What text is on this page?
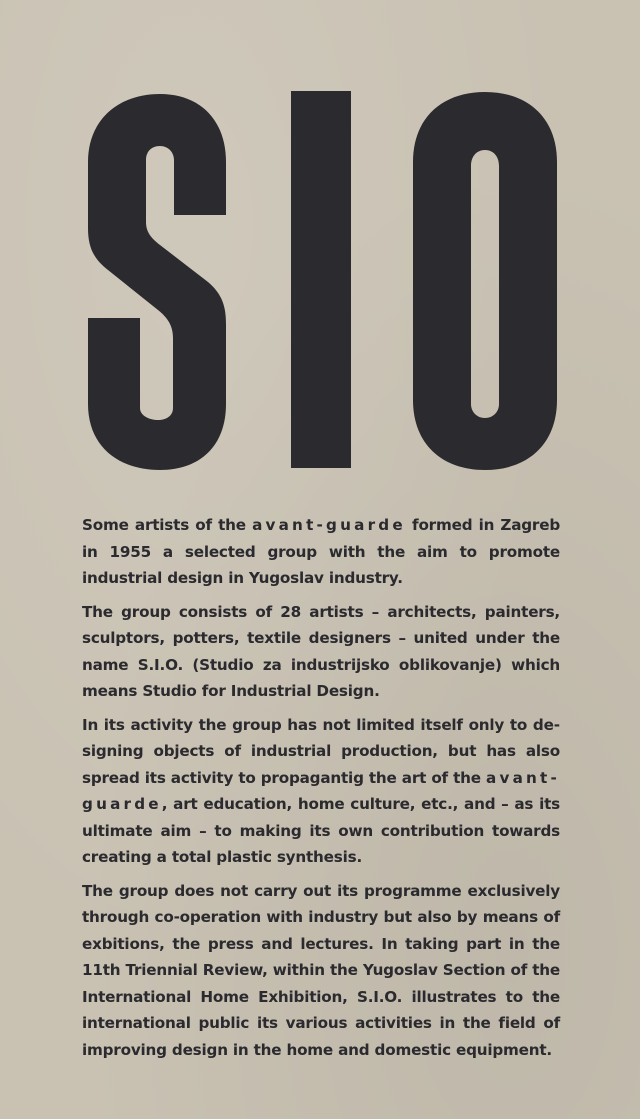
Some artists of the avant-guarde formed in Zagreb in 1955 a selected group with the aim to promote industrial design in Yugoslav industry.

The group consists of 28 artists – architects, painters, sculptors, potters, textile designers – united under the name S.I.O. (Studio za industrijsko oblikovanje) which means Studio for Industrial Design.

In its activity the group has not limited itself only to designing objects of industrial production, but has also spread its activity to propagantig the art of the avant-guarde, art education, home culture, etc., and – as its ultimate aim – to making its own contribution towards creating a total plastic synthesis.

The group does not carry out its programme exclusively through co-operation with industry but also by means of exbitions, the press and lectures. In taking part in the 11th Triennial Review, within the Yugoslav Section of the International Home Exhibition, S.I.O. illustrates to the international public its various activities in the field of improving design in the home and domestic equipment.
